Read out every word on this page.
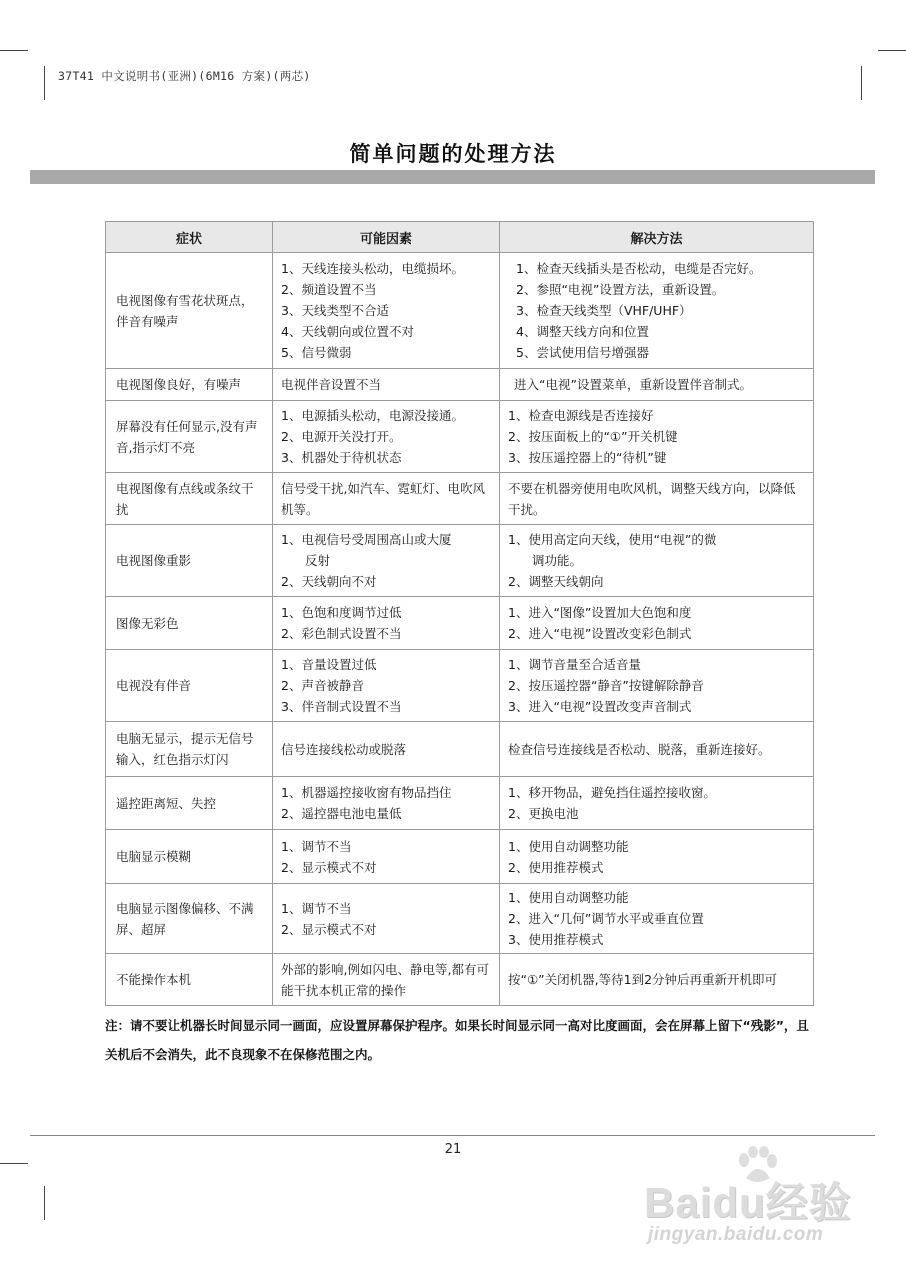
37T41 中文说明书(亚洲)(6M16 方案)(两芯)
简单问题的处理方法
症状	可能因素	解决方法
电视图像有雪花状斑点，伴音有噪声	1、天线连接头松动，电缆损坏。
2、频道设置不当
3、天线类型不合适
4、天线朝向或位置不对
5、信号微弱	1、检查天线插头是否松动，电缆是否完好。
2、参照“电视”设置方法，重新设置。
3、检查天线类型（VHF/UHF）
4、调整天线方向和位置
5、尝试使用信号增强器

电视图像良好，有噪声	电视伴音设置不当	进入“电视”设置菜单，重新设置伴音制式。
屏幕没有任何显示,没有声音,指示灯不亮	1、电源插头松动，电源没接通。
2、电源开关没打开。
3、机器处于待机状态	1、检查电源线是否连接好
2、按压面板上的“①”开关机键
3、按压遥控器上的“待机”键

电视图像有点线或条纹干扰	信号受干扰,如汽车、霓虹灯、电吹风机等。	不要在机器旁使用电吹风机，调整天线方向，以降低干扰。
电视图像重影	1、电视信号受周围高山或大厦
反射
2、天线朝向不对	1、使用高定向天线，使用“电视”的微
调功能。
2、调整天线朝向

图像无彩色	1、色饱和度调节过低
2、彩色制式设置不当	1、进入“图像”设置加大色饱和度
2、进入“电视”设置改变彩色制式

电视没有伴音	1、音量设置过低
2、声音被静音
3、伴音制式设置不当	1、调节音量至合适音量
2、按压遥控器“静音”按键解除静音
3、进入“电视”设置改变声音制式

电脑无显示，提示无信号输入，红色指示灯闪	信号连接线松动或脱落	检查信号连接线是否松动、脱落，重新连接好。
遥控距离短、失控	1、机器遥控接收窗有物品挡住
2、遥控器电池电量低	1、移开物品，避免挡住遥控接收窗。
2、更换电池

电脑显示模糊	1、调节不当
2、显示模式不对	1、使用自动调整功能
2、使用推荐模式

电脑显示图像偏移、不满屏、超屏	1、调节不当
2、显示模式不对	1、使用自动调整功能
2、进入“几何”调节水平或垂直位置
3、使用推荐模式

不能操作本机	外部的影响,例如闪电、静电等,都有可能干扰本机正常的操作	按“①”关闭机器,等待1到2分钟后再重新开机即可
注：请不要让机器长时间显示同一画面，应设置屏幕保护程序。如果长时间显示同一高对比度画面，会在屏幕上留下“残影”，且关机后不会消失，此不良现象不在保修范围之内。
21
Baidu经验
jingyan.baidu.com
